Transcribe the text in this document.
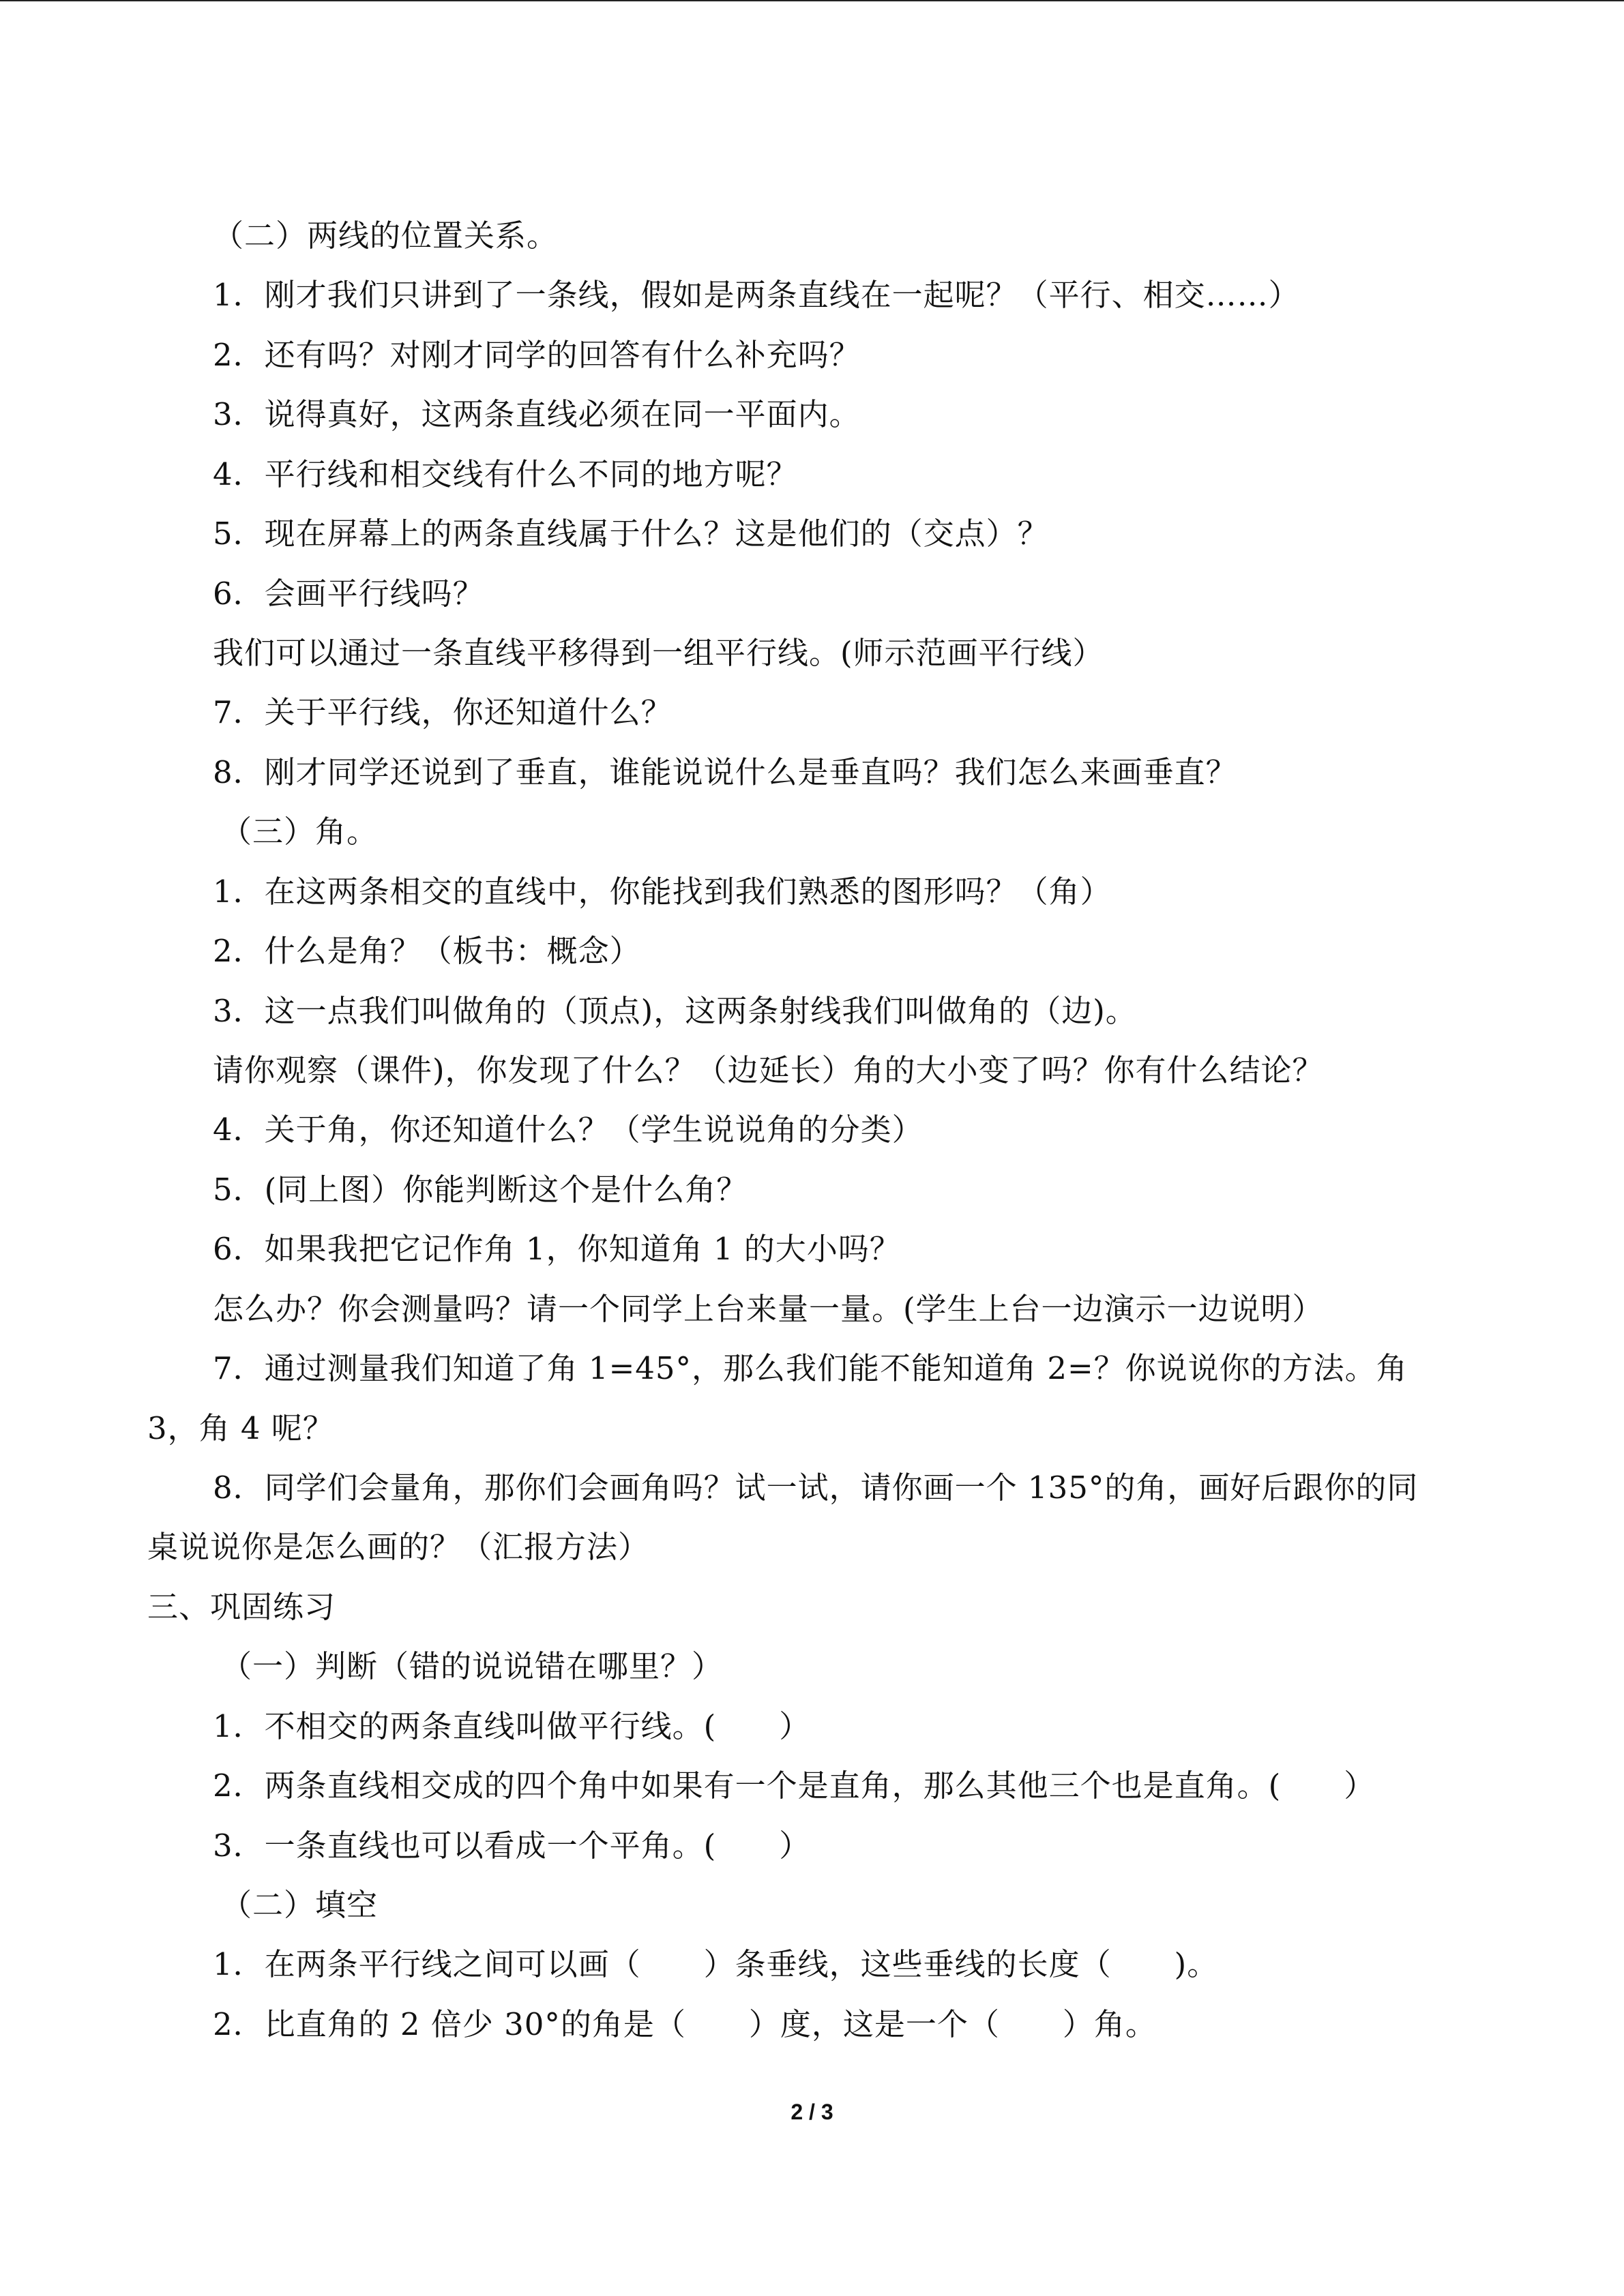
（二）两线的位置关系。
1．刚才我们只讲到了一条线，假如是两条直线在一起呢？（平行、相交……）
2．还有吗？对刚才同学的回答有什么补充吗？
3．说得真好，这两条直线必须在同一平面内。
4．平行线和相交线有什么不同的地方呢？
5．现在屏幕上的两条直线属于什么？这是他们的（交点）？
6．会画平行线吗？
我们可以通过一条直线平移得到一组平行线。(师示范画平行线）
7．关于平行线，你还知道什么？
8．刚才同学还说到了垂直，谁能说说什么是垂直吗？我们怎么来画垂直？
（三）角。
1．在这两条相交的直线中，你能找到我们熟悉的图形吗？（角）
2．什么是角？（板书：概念）
3．这一点我们叫做角的（顶点)，这两条射线我们叫做角的（边)。
请你观察（课件)，你发现了什么？（边延长）角的大小变了吗？你有什么结论？
4．关于角，你还知道什么？（学生说说角的分类）
5．(同上图）你能判断这个是什么角？
6．如果我把它记作角 1，你知道角 1 的大小吗？
怎么办？你会测量吗？请一个同学上台来量一量。(学生上台一边演示一边说明）
7．通过测量我们知道了角 1=45°，那么我们能不能知道角 2=？你说说你的方法。角
3，角 4 呢？
8．同学们会量角，那你们会画角吗？试一试，请你画一个 135°的角，画好后跟你的同
桌说说你是怎么画的？（汇报方法）
三、巩固练习
（一）判断（错的说说错在哪里？）
1．不相交的两条直线叫做平行线。(　　）
2．两条直线相交成的四个角中如果有一个是直角，那么其他三个也是直角。(　　）
3．一条直线也可以看成一个平角。(　　）
（二）填空
1．在两条平行线之间可以画（　　）条垂线，这些垂线的长度（　　)。
2．比直角的 2 倍少 30°的角是（　　）度，这是一个（　　）角。
2 / 3
